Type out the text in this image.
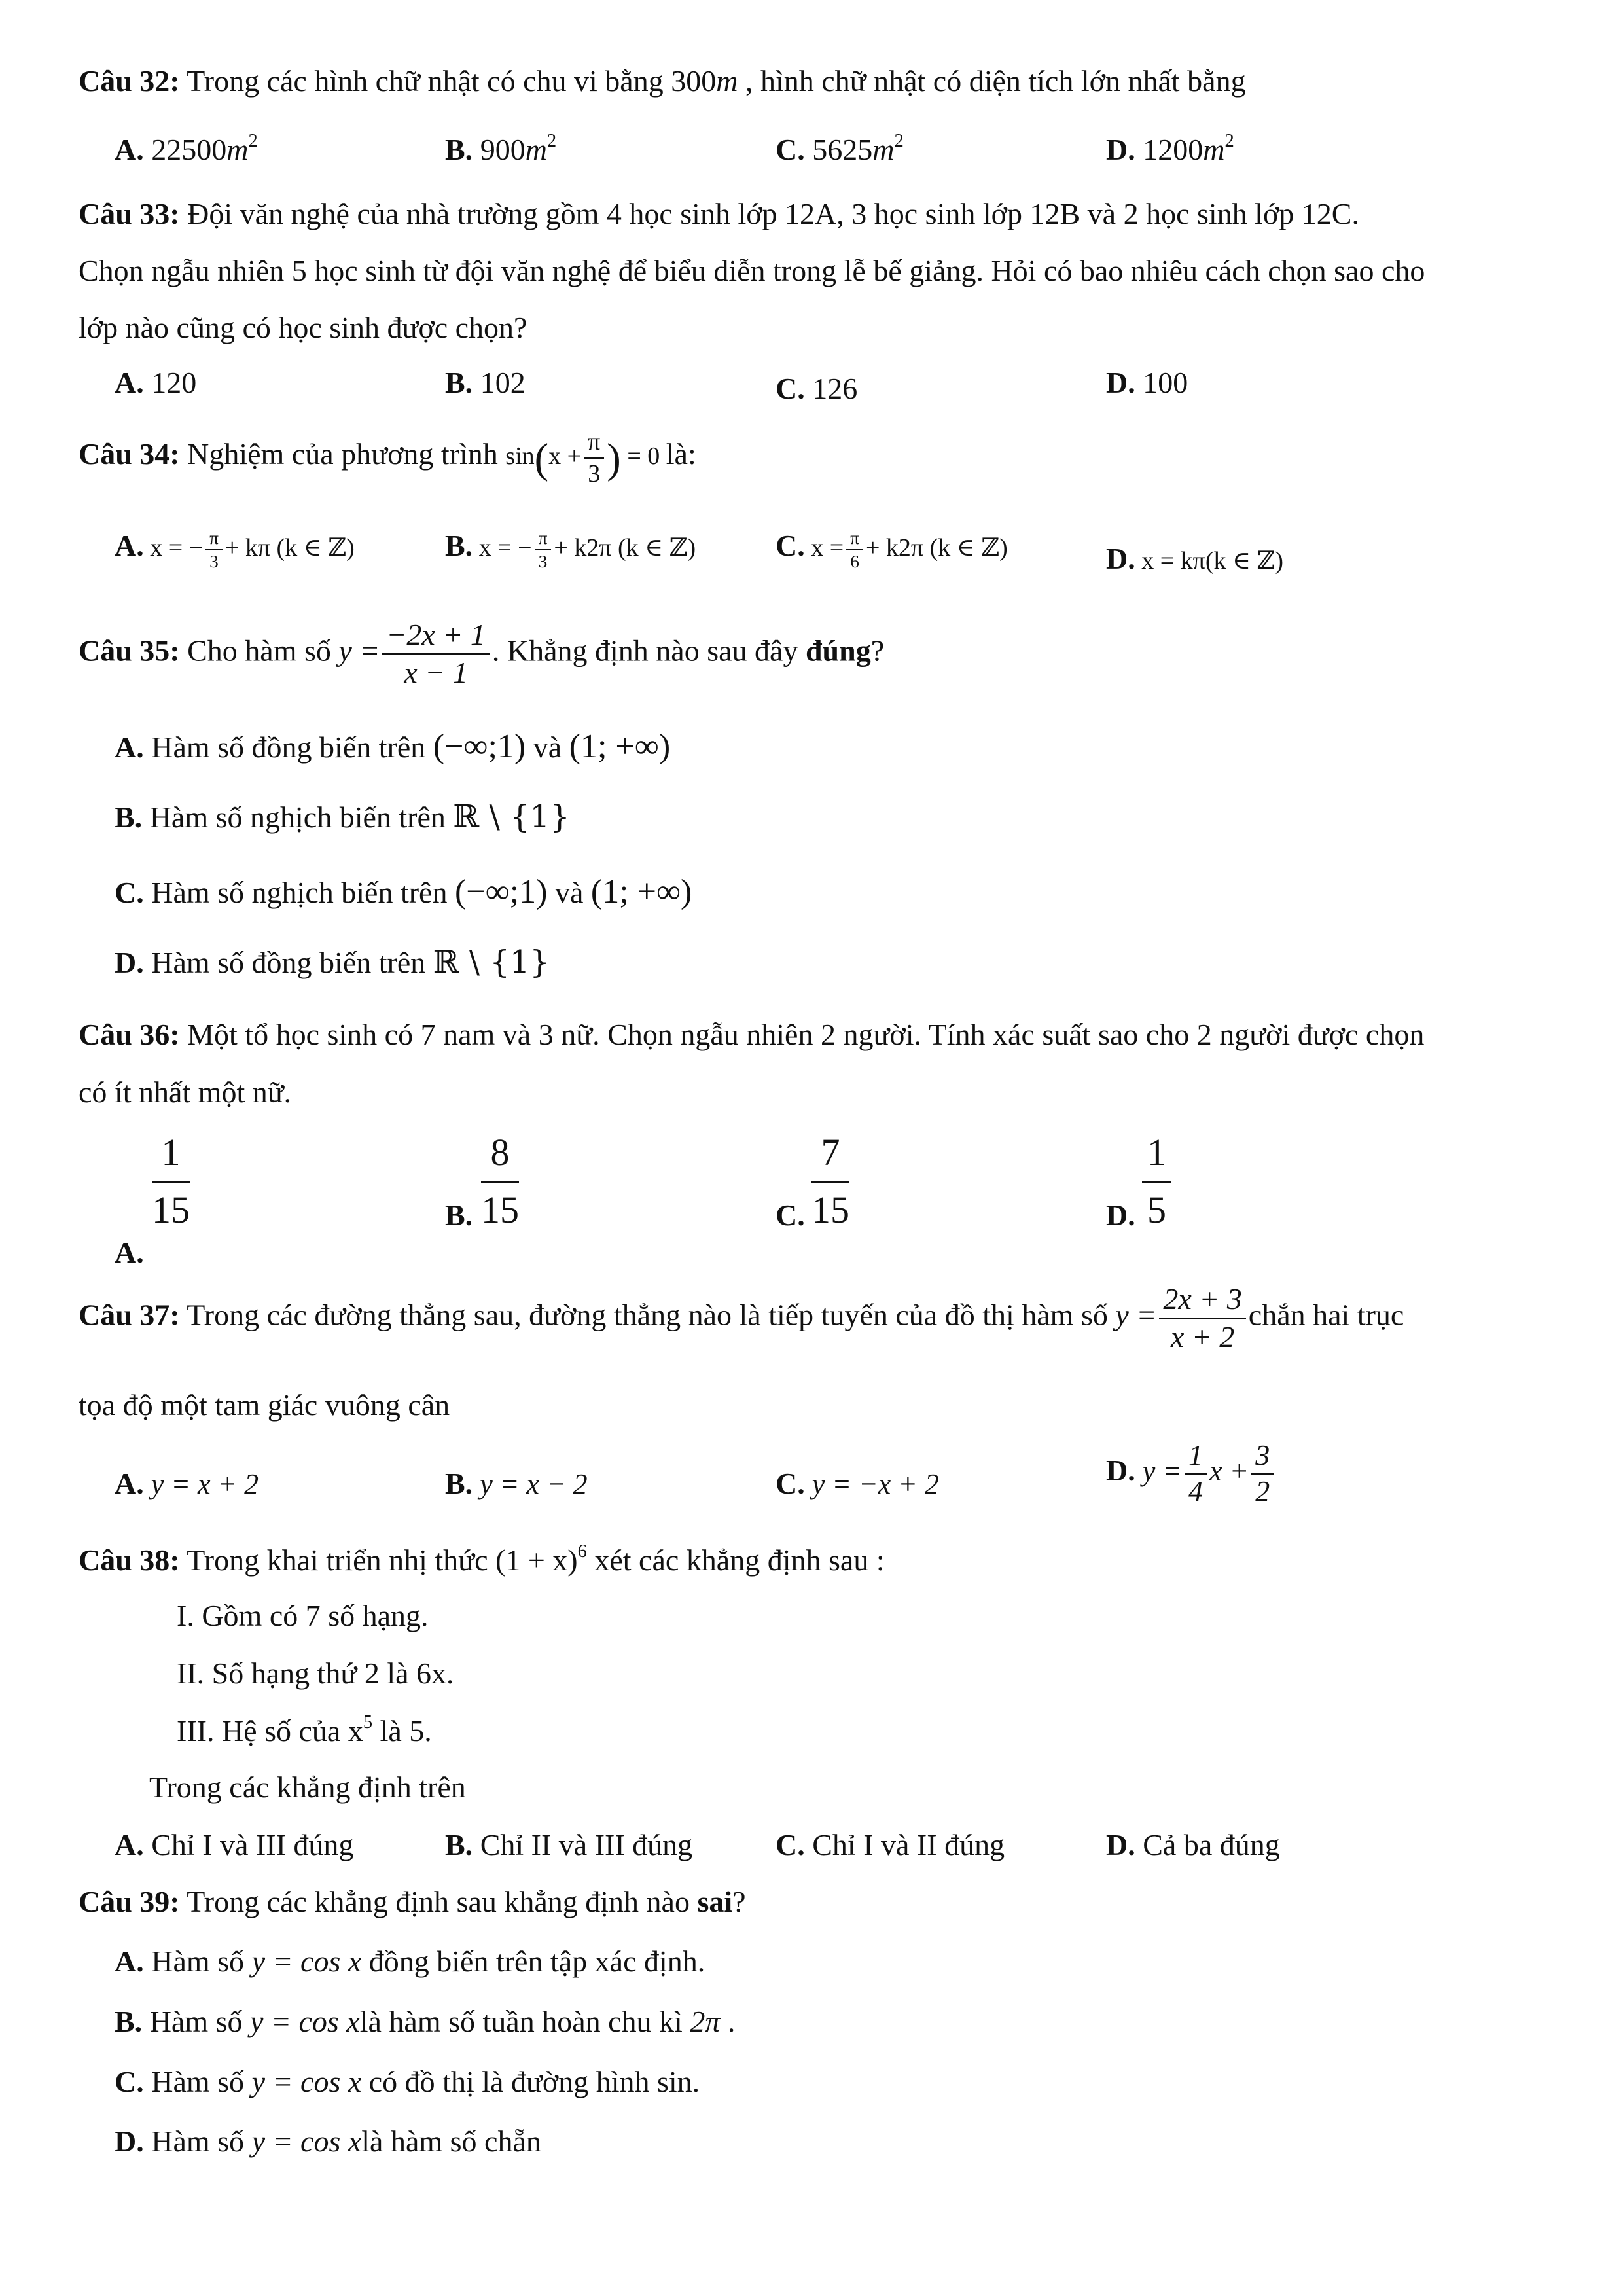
Câu 32: Trong các hình chữ nhật có chu vi bằng 300m , hình chữ nhật có diện tích lớn nhất bằng
A. $22500m^2$	B. $900m^2$	C. $5625m^2$	D. $1200m^2$
Câu 33: Đội văn nghệ của nhà trường gồm 4 học sinh lớp 12A, 3 học sinh lớp 12B và 2 học sinh lớp 12C.
Chọn ngẫu nhiên 5 học sinh từ đội văn nghệ để biểu diễn trong lễ bế giảng. Hỏi có bao nhiêu cách chọn sao cho
lớp nào cũng có học sinh được chọn?
A. 120	B. 102	C. 126	D. 100
Câu 34: Nghiệm của phương trình $\sin(x + \frac{\pi}{3}$ ) = 0 là:
A. x = − $\frac{\pi}{3} + k\pi$ (k ∈ ℤ)	B. x = − $\frac{\pi}{3} + k2\pi$ (k ∈ ℤ)	C. $x = \frac{\pi}{6} + k2\pi$ (k ∈ ℤ)	D. x = kπ(k ∈ ℤ)
Câu 35: Cho hàm số $y = \frac{-2x + 1}{x - 1}$ . Khẳng định nào sau đây đúng?
A. Hàm số đồng biến trên (−∞;1) và (1; +∞)
B. Hàm số nghịch biến trên ℝ \ {1}
C. Hàm số nghịch biến trên (−∞;1) và (1; +∞)
D. Hàm số đồng biến trên ℝ \ {1}
Câu 36: Một tổ học sinh có 7 nam và 3 nữ. Chọn ngẫu nhiên 2 người. Tính xác suất sao cho 2 người được chọn
có ít nhất một nữ.
$\frac{1}{15}$
A.
B. $\frac{8}{15}$	C. $\frac{7}{15}$	D. $\frac{1}{5}$
Câu 37: Trong các đường thẳng sau, đường thẳng nào là tiếp tuyến của đồ thị hàm số $y = \frac{2x + 3}{x + 2}$ chắn hai trục
tọa độ một tam giác vuông cân
A. y = x + 2	B. y = x − 2	C. y = −x + 2	D. $y = \frac{1}{4}$ $x + \frac{3}{2}$
Câu 38: Trong khai triển nhị thức $(1 + x)^6$ xét các khẳng định sau :
I. Gồm có 7 số hạng.
II. Số hạng thứ 2 là 6x.
III. Hệ số của $x^5$ là 5.
Trong các khẳng định trên
A. Chỉ I và III đúng	B. Chỉ II và III đúng	C. Chỉ I và II đúng	D. Cả ba đúng
Câu 39: Trong các khẳng định sau khẳng định nào sai?
A. Hàm số y = cos x đồng biến trên tập xác định.
B. Hàm số y = cos xlà hàm số tuần hoàn chu kì 2π .
C. Hàm số y = cos x có đồ thị là đường hình sin.
D. Hàm số y = cos xlà hàm số chẵn
